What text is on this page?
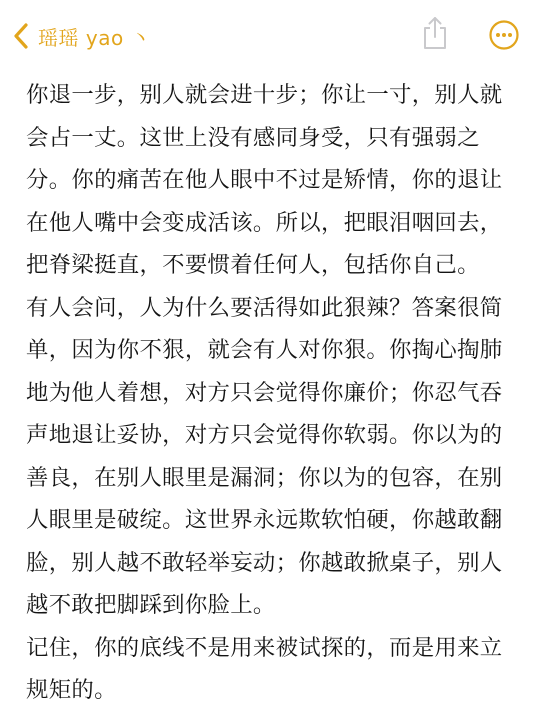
瑶瑶 yao 丶

你退一步，别人就会进十步；你让一寸，别人就会占一丈。这世上没有感同身受，只有强弱之分。你的痛苦在他人眼中不过是矫情，你的退让在他人嘴中会变成活该。所以，把眼泪咽回去，把脊梁挺直，不要惯着任何人，包括你自己。

有人会问，人为什么要活得如此狠辣？答案很简单，因为你不狠，就会有人对你狠。你掏心掏肺地为他人着想，对方只会觉得你廉价；你忍气吞声地退让妥协，对方只会觉得你软弱。你以为的善良，在别人眼里是漏洞；你以为的包容，在别人眼里是破绽。这世界永远欺软怕硬，你越敢翻脸，别人越不敢轻举妄动；你越敢掀桌子，别人越不敢把脚踩到你脸上。

记住，你的底线不是用来被试探的，而是用来立规矩的。
